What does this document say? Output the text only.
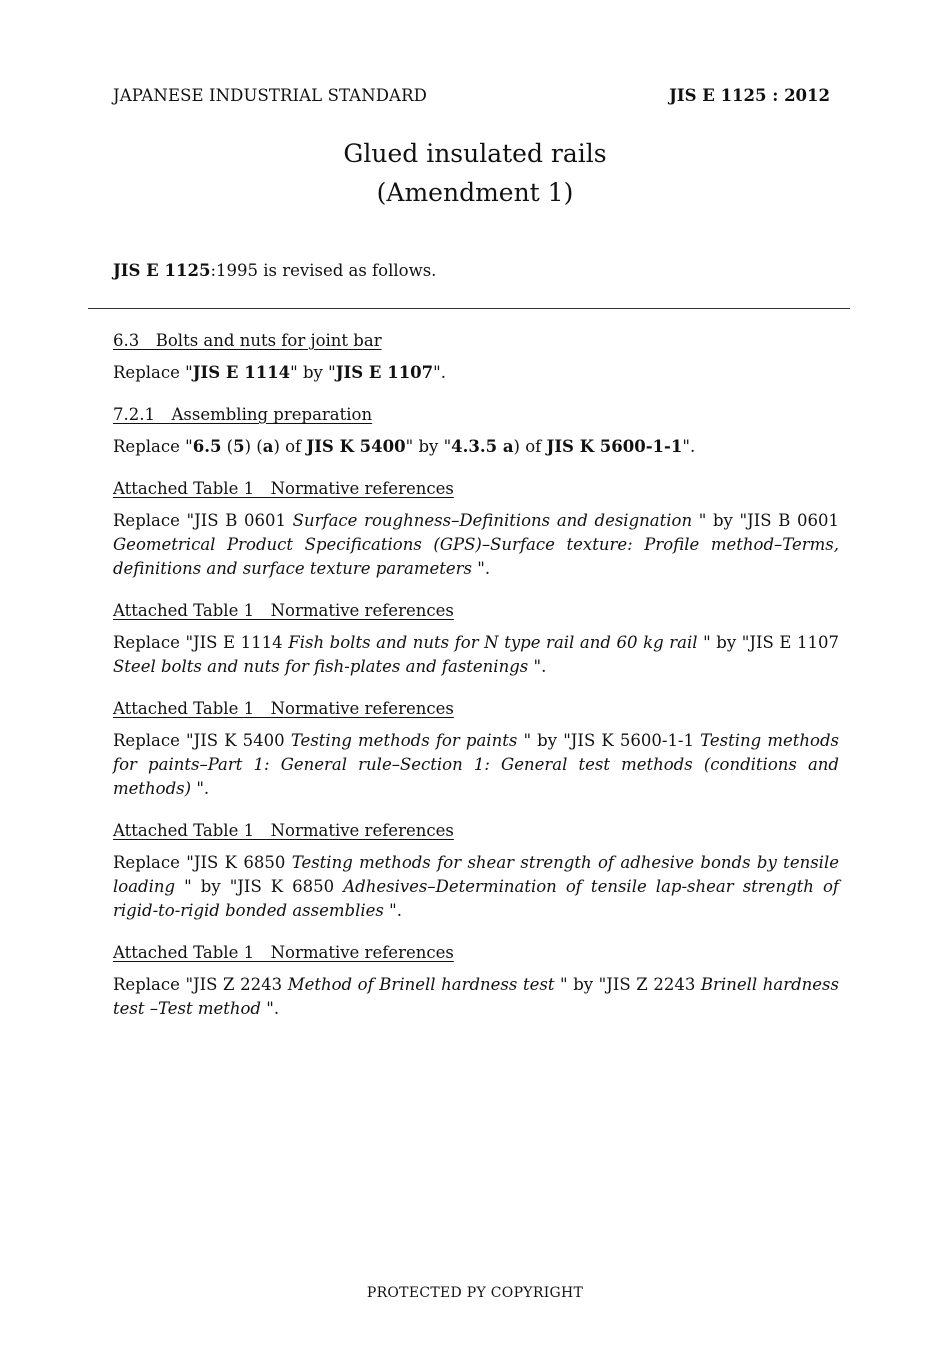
JAPANESE INDUSTRIAL STANDARD	JIS E 1125 : 2012
Glued insulated rails
(Amendment 1)
JIS E 1125:1995 is revised as follows.

6.3 Bolts and nuts for joint bar

Replace "JIS E 1114" by "JIS E 1107".

7.2.1 Assembling preparation

Replace "6.5 (5) (a) of JIS K 5400" by "4.3.5 a) of JIS K 5600-1-1".

Attached Table 1 Normative references

Replace "JIS B 0601 Surface roughness–Definitions and designation " by "JIS B 0601 Geometrical Product Specifications (GPS)–Surface texture: Profile method–Terms, definitions and surface texture parameters ".

Attached Table 1 Normative references

Replace "JIS E 1114 Fish bolts and nuts for N type rail and 60 kg rail " by "JIS E 1107 Steel bolts and nuts for fish-plates and fastenings ".

Attached Table 1 Normative references

Replace "JIS K 5400 Testing methods for paints " by "JIS K 5600-1-1 Testing methods for paints–Part 1: General rule–Section 1: General test methods (conditions and methods) ".

Attached Table 1 Normative references

Replace "JIS K 6850 Testing methods for shear strength of adhesive bonds by tensile loading " by "JIS K 6850 Adhesives–Determination of tensile lap-shear strength of rigid-to-rigid bonded assemblies ".

Attached Table 1 Normative references

Replace "JIS Z 2243 Method of Brinell hardness test " by "JIS Z 2243 Brinell hardness test –Test method ".

PROTECTED PY COPYRIGHT
